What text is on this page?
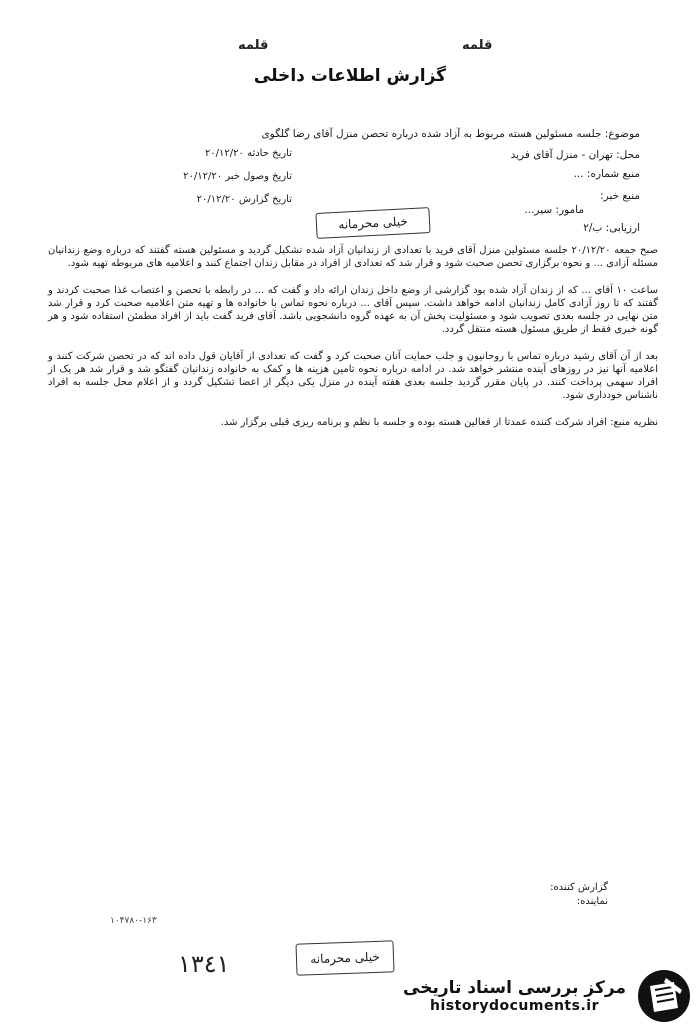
قلمه	قلمه
گزارش اطلاعات داخلی
موضوع: جلسه مسئولین هسته مربوط به آزاد شده درباره تحصن منزل آقای رضا گلگوی
محل: تهران - منزل آقای فرید
منبع شماره: ...
منبع خبر:
مامور: سیر...
ارزیابی: ب/۲
تاریخ حادثه ۲۰/۱۲/۲۰
تاریخ وصول خبر ۲۰/۱۲/۲۰
تاریخ گزارش ۲۰/۱۲/۲۰
خیلی محرمانه

صبح جمعه ۲۰/۱۲/۲۰ جلسه مسئولین منزل آقای فرید با تعدادی از زندانیان آزاد شده تشکیل گردید و مسئولین هسته گفتند که درباره وضع زندانیان مسئله آزادی ... و نحوه برگزاری تحصن صحبت شود و قرار شد که تعدادی از افراد در مقابل زندان اجتماع کنند و اعلامیه های مربوطه تهیه شود.

ساعت ۱۰ آقای ... که از زندان آزاد شده بود گزارشی از وضع داخل زندان ارائه داد و گفت که ... در رابطه با تحصن و اعتصاب غذا صحبت کردند و گفتند که تا روز آزادی کامل زندانیان ادامه خواهد داشت. سپس آقای ... درباره نحوه تماس با خانواده ها و تهیه متن اعلامیه صحبت کرد و قرار شد متن نهایی در جلسه بعدی تصویب شود و مسئولیت پخش آن به عهده گروه دانشجویی باشد. آقای فرید گفت باید از افراد مطمئن استفاده شود و هر گونه خبری فقط از طریق مسئول هسته منتقل گردد.

بعد از آن آقای رشید درباره تماس با روحانیون و جلب حمایت آنان صحبت کرد و گفت که تعدادی از آقایان قول داده اند که در تحصن شرکت کنند و اعلامیه آنها نیز در روزهای آینده منتشر خواهد شد. در ادامه درباره نحوه تامین هزینه ها و کمک به خانواده زندانیان گفتگو شد و قرار شد هر یک از افراد سهمی پرداخت کنند. در پایان مقرر گردید جلسه بعدی هفته آینده در منزل یکی دیگر از اعضا تشکیل گردد و از اعلام محل جلسه به افراد ناشناس خودداری شود.

نظریه منبع: افراد شرکت کننده عمدتا از فعالین هسته بوده و جلسه با نظم و برنامه ریزی قبلی برگزار شد.

گزارش کننده:
نماینده:
۱۰۴۷۸۰-۱۶۳
١٣٤١	خیلی محرمانه
مرکز بررسی اسناد تاریخی
historydocuments.ir
